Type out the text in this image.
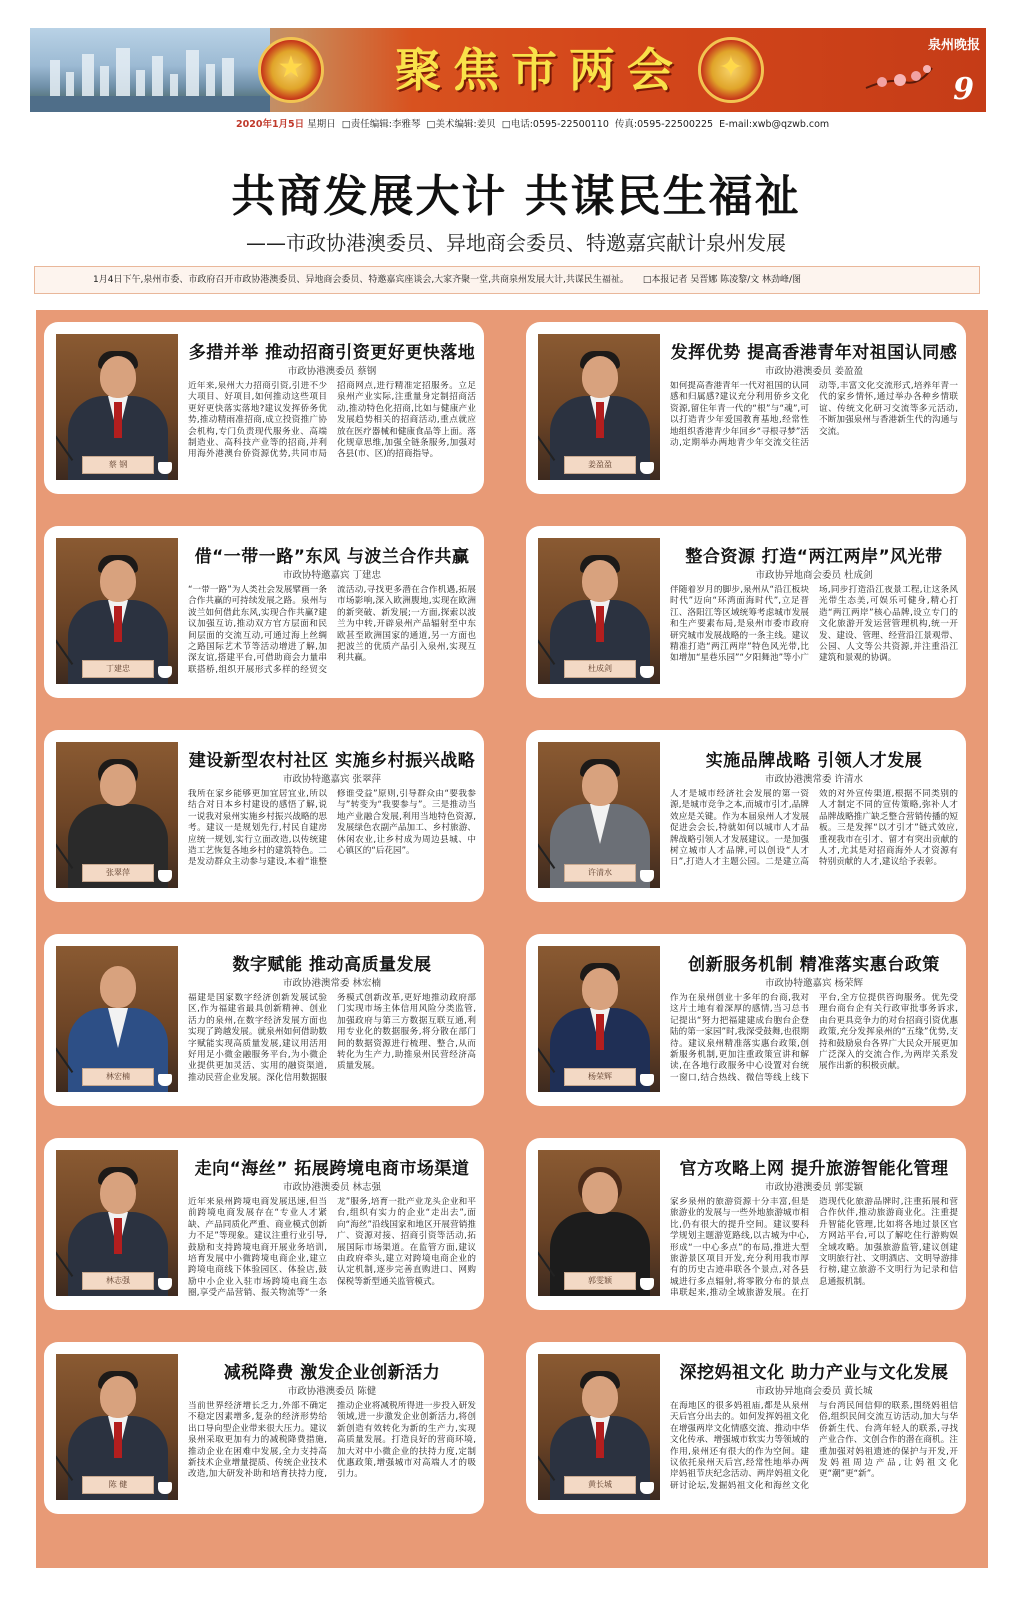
★	聚焦市两会	✦
泉州晚报
9
2020年1月5日 星期日 □责任编辑:李雅琴 □美术编辑:姜贝 □电话:0595-22500110 传真:0595-22500225 E-mail:xwb@qzwb.com
共商发展大计 共谋民生福祉
——市政协港澳委员、异地商会委员、特邀嘉宾献计泉州发展
1月4日下午,泉州市委、市政府召开市政协港澳委员、异地商会委员、特邀嘉宾座谈会,大家齐聚一堂,共商泉州发展大计,共谋民生福祉。 □本报记者 吴晋娜 陈凌黎/文 林劲峰/图
蔡 钢
多措并举 推动招商引资更好更快落地
市政协港澳委员 蔡钢
近年来,泉州大力招商引资,引进不少大项目、好项目,如何推动这些项目更好更快落实落地?建议发挥侨务优势,推动精雨准招商,成立投资推广协会机构,专门负责现代服务业、高端制造业、高科技产业等的招商,并利用海外港澳台侨资源优势,共同市局招商网点,进行精准定招服务。立足泉州产业实际,注重量身定制招商活动,推动特色化招商,比如与健康产业发展趋势相关的招商活动,重点就应放在医疗器械和健康食品等上面。落化规章思维,加强全链条服务,加强对各县(市、区)的招商指导。
姜盈盈
发挥优势 提高香港青年对祖国认同感
市政协港澳委员 姜盈盈
如何提高香港青年一代对祖国的认同感和归属感?建议充分利用侨乡文化资源,留住年青一代的“根”与“魂”,可以打造青少年爱国教育基地,经常性地组织香港青少年回乡“寻根寻梦”活动,定期举办两地青少年交流交往活动等,丰富文化交流形式,培养年青一代的家乡情怀,通过举办各种乡情联谊、传统文化研习交流等多元活动,不断加强泉州与香港新生代的沟通与交流。
丁建忠
借“一带一路”东风 与波兰合作共赢
市政协特邀嘉宾 丁建忠
“一带一路”为人类社会发展擘画一条合作共赢的可持续发展之路。泉州与波兰如何借此东风,实现合作共赢?建议加强互访,推动双方官方层面和民间层面的交流互动,可通过海上丝绸之路国际艺术节等活动增进了解,加深友谊,搭建平台,可借助商会力量串联搭桥,组织开展形式多样的经贸交流活动,寻找更多潜在合作机遇,拓展市场影响,深入欧洲腹地,实现在欧洲的新突破、新发展;一方面,探索以波兰为中转,开辟泉州产品辐射至中东欧甚至欧洲国家的通道,另一方面也把波兰的优质产品引入泉州,实现互利共赢。
杜成剑
整合资源 打造“两江两岸”风光带
市政协异地商会委员 杜成剑
伴随着岁月的脚步,泉州从“沿江板块时代”迈向“环湾面海时代”,立足晋江、洛阳江等区域统筹考虑城市发展和生产要素布局,是泉州市委市政府研究城市发展战略的一条主线。建议精准打造“两江两岸”特色风光带,比如增加“星巷乐园”“夕阳舞池”等小广场,同步打造沿江夜景工程,让这条风光带生态美,可娱乐可健身,精心打造“两江两岸”核心品牌,设立专门的文化旅游开发运营管理机构,统一开发、建设、管理、经营沿江景观带、公园、人文等公共资源,并注重沿江建筑和景观的协调。
张翠萍
建设新型农村社区 实施乡村振兴战略
市政协特邀嘉宾 张翠萍
我所在家乡能够更加宜居宜业,所以结合对日本乡村建设的感悟了解,说一说我对泉州实施乡村振兴战略的思考。建议一是规划先行,村民自建房应统一规划,实行立面改造,以传统建造工艺恢复各地乡村的建筑特色。二是发动群众主动参与建设,本着“谁整修谁受益”原则,引导群众由“要我参与”转变为“我要参与”。三是推动当地产业融合发展,利用当地特色资源,发展绿色农副产品加工、乡村旅游、休闲农业,让乡村成为周边县城、中心镇区的“后花园”。
许清水
实施品牌战略 引领人才发展
市政协港澳常委 许清水
人才是城市经济社会发展的第一资源,是城市竞争之本,而城市引才,品牌效应是关键。作为本届泉州人才发展促进会会长,特就如何以城市人才品牌战略引领人才发展建议。一是加强树立城市人才品牌,可以创设“人才日”,打造人才主题公园。二是建立高效的对外宣传渠道,根据不同类别的人才制定不同的宣传策略,弥补人才品牌战略推广缺乏整合营销传播的短板。三是发挥“以才引才”链式效应,重视我市在引才、留才有突出贡献的人才,尤其是对招商海外人才资源有特别贡献的人才,建议给予表彰。
林宏楠
数字赋能 推动高质量发展
市政协港澳常委 林宏楠
福建是国家数字经济创新发展试验区,作为福建省最具创新精神、创业活力的泉州,在数字经济发展方面也实现了跨越发展。就泉州如何借助数字赋能实现高质量发展,建议用活用好用足小微金融服务平台,为小微企业提供更加灵活、实用的融资渠道,推动民营企业发展。深化信用数据服务模式创新改革,更好地推动政府部门实现市场主体信用风险分类监管,加强政府与第三方数据互联互通,利用专业化的数据服务,将分散在部门间的数据资源进行梳理、整合,从而转化为生产力,助推泉州民营经济高质量发展。
杨荣辉
创新服务机制 精准落实惠台政策
市政协特邀嘉宾 杨荣辉
作为在泉州创业十多年的台商,我对这片土地有着深厚的感情,当习总书记提出“努力把福建建成台胞台企登陆的第一家园”时,我深受鼓舞,也很期待。建议泉州精准落实惠台政策,创新服务机制,更加注重政策宣讲和解读,在各地行政服务中心设置对台统一窗口,结合热线、微信等线上线下平台,全方位提供咨询服务。优先受理台商台企有关行政审批事务诉求,由台更具竞争力的对台招商引资优惠政策,充分发挥泉州的“五缘”优势,支持和鼓励泉台各界广大民众开展更加广泛深入的交流合作,为两岸关系发展作出新的积极贡献。
林志强
走向“海丝” 拓展跨境电商市场渠道
市政协港澳委员 林志强
近年来泉州跨境电商发展迅速,但当前跨境电商发展存在“专业人才紧缺、产品同质化严重、商业模式创新力不足”等现象。建议注重行业引导,鼓励和支持跨境电商开展业务培训,培育发展中小微跨境电商企业,建立跨境电商线下体验园区、体验店,鼓励中小企业入驻市场跨境电商生态圈,享受产品营销、报关物流等“一条龙”服务,培育一批产业龙头企业和平台,组织有实力的企业“走出去”,面向“海丝”沿线国家和地区开展营销推广、资源对接、招商引资等活动,拓展国际市场渠道。在监管方面,建议由政府牵头,建立对跨境电商企业的认定机制,逐步完善直购进口、网购保税等新型通关监管模式。	郭雯颖
官方攻略上网 提升旅游智能化管理
市政协港澳委员 郭雯颖
家乡泉州的旅游资源十分丰富,但是旅游业的发展与一些外地旅游城市相比,仍有很大的提升空间。建议要科学规划主题游览路线,以古城为中心,形成“一中心多点”的布局,推进大型旅游景区项目开发,充分利用我市厚有的历史古迹串联各个景点,对各县城进行多点辐射,将零散分布的景点串联起来,推动全域旅游发展。在打造现代化旅游品牌时,注重拓展和营合作伙伴,推动旅游商业化。注重提升智能化管理,比如将各地过景区官方网站平台,可以了解吃住行游购娱全域攻略。加强旅游监管,建议创建文明旅行社、文明酒店、文明导游排行榜,建立旅游不文明行为记录和信息通报机制。
陈 健
减税降费 激发企业创新活力
市政协港澳委员 陈健
当前世界经济增长乏力,外部不确定不稳定因素增多,复杂的经济形势给出口导向型企业带来很大压力。建议泉州采取更加有力的减税降费措施,推动企业在困难中发展,全力支持高新技术企业增量提质、传统企业技术改造,加大研发补助和培育扶持力度,推动企业将减税所得进一步投入研发领域,进一步激发企业创新活力,将创新创造有效转化为新的生产力,实现高质量发展。打造良好的营商环境,加大对中小微企业的扶持力度,定制优惠政策,增强城市对高端人才的吸引力。
黄长城
深挖妈祖文化 助力产业与文化发展
市政协异地商会委员 黄长城
在海地区的很多妈祖庙,都是从泉州天后宫分出去的。如何发挥妈祖文化在增强两岸文化情感交流、推动中华文化传承、增强城市软实力等领域的作用,泉州还有很大的作为空间。建议依托泉州天后宫,经常性地举办两岸妈祖节庆纪念活动、两岸妈祖文化研讨论坛,发掘妈祖文化和海丝文化与台湾民间信仰的联系,围绕妈祖信俗,组织民间交流互访活动,加大与华侨新生代、台湾年轻人的联系,寻找产业合作、文创合作的潜在商机。注重加强对妈祖遗迹的保护与开发,开发妈祖周边产品,让妈祖文化更“潮”更“新”。
